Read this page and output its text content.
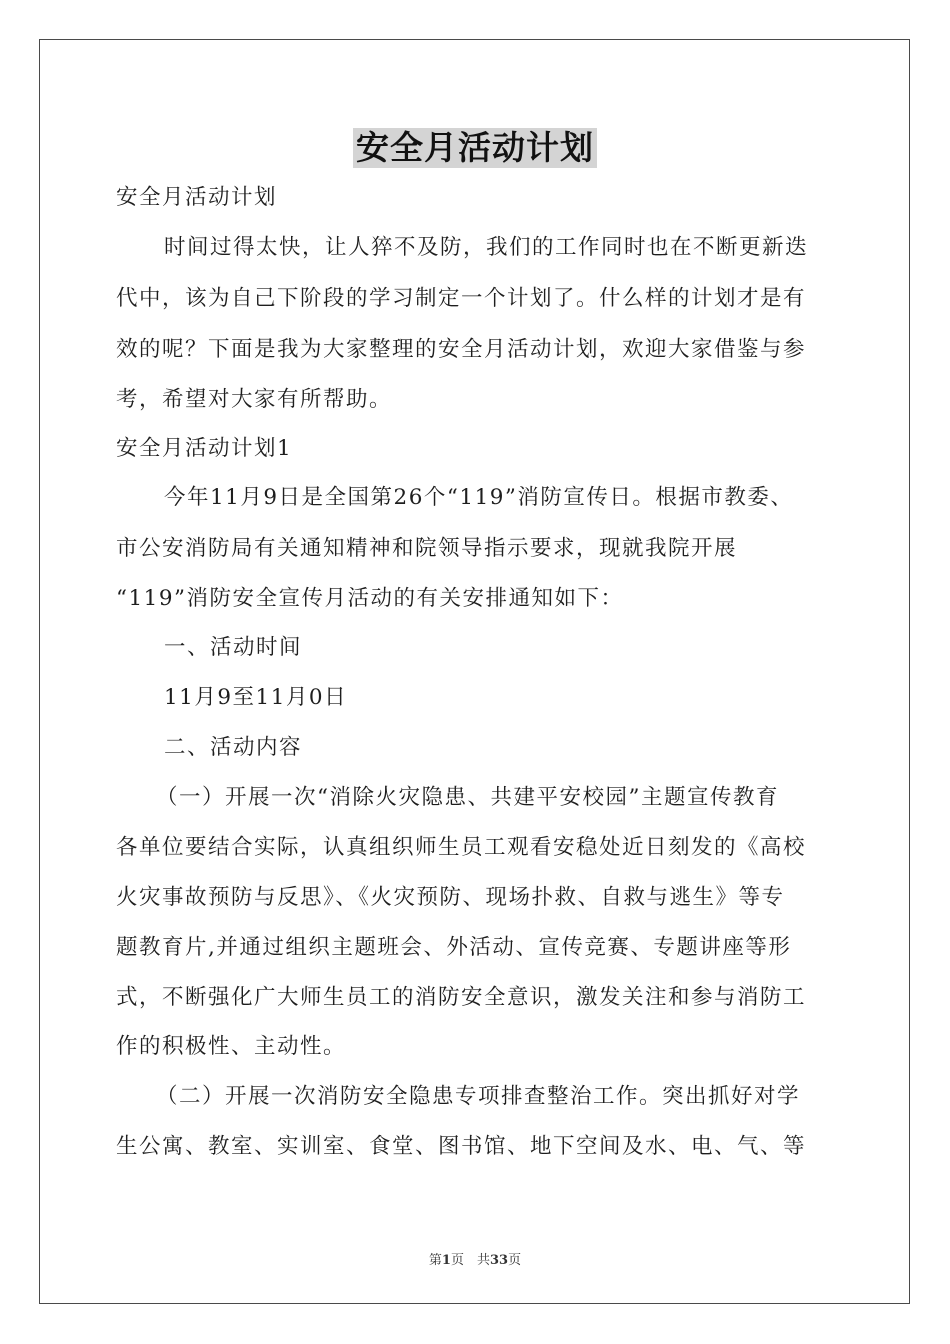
安全月活动计划
安全月活动计划
时间过得太快，让人猝不及防，我们的工作同时也在不断更新迭
代中，该为自己下阶段的学习制定一个计划了。什么样的计划才是有
效的呢？下面是我为大家整理的安全月活动计划，欢迎大家借鉴与参
考，希望对大家有所帮助。
安全月活动计划1
今年11月9日是全国第26个“119”消防宣传日。根据市教委、
市公安消防局有关通知精神和院领导指示要求，现就我院开展
“119”消防安全宣传月活动的有关安排通知如下：
一、活动时间
11月9至11月0日
二、活动内容
（一）开展一次“消除火灾隐患、共建平安校园”主题宣传教育
各单位要结合实际，认真组织师生员工观看安稳处近日刻发的《高校
火灾事故预防与反思》、《火灾预防、现场扑救、自救与逃生》等专
题教育片,并通过组织主题班会、外活动、宣传竞赛、专题讲座等形
式，不断强化广大师生员工的消防安全意识，激发关注和参与消防工
作的积极性、主动性。
（二）开展一次消防安全隐患专项排查整治工作。突出抓好对学
生公寓、教室、实训室、食堂、图书馆、地下空间及水、电、气、等
第1页　共33页
